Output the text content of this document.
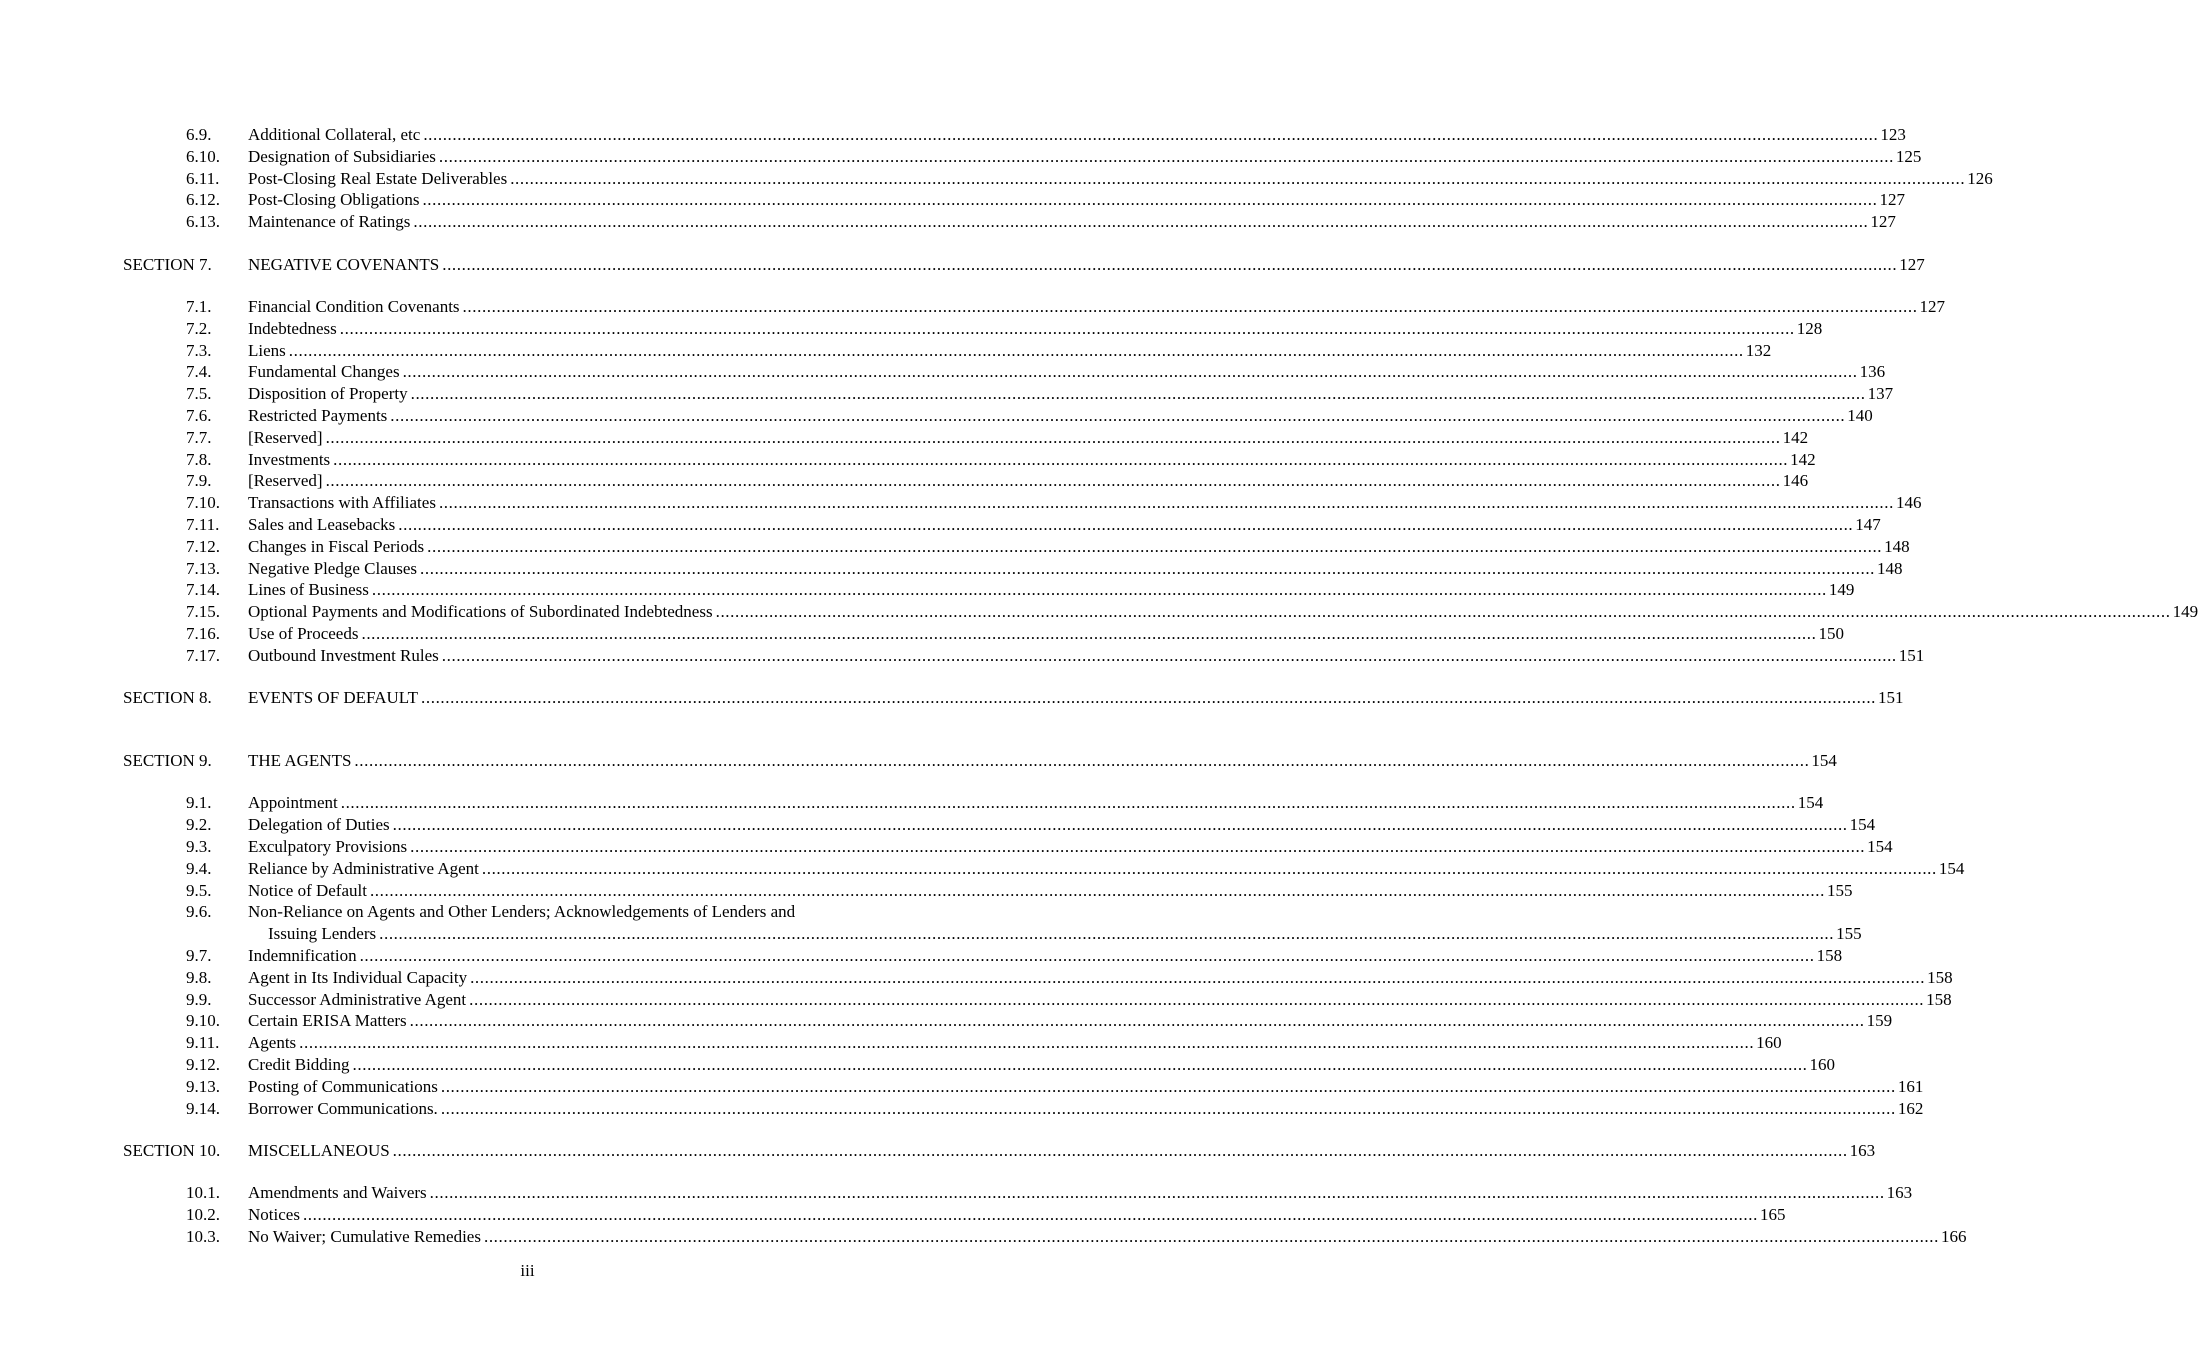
6.9. Additional Collateral, etc ............................................................................................................................................................................................................................................................................................................ 123
6.10. Designation of Subsidiaries ............................................................................................................................................................................................................................................................................................................ 125
6.11. Post-Closing Real Estate Deliverables ............................................................................................................................................................................................................................................................................................................ 126
6.12. Post-Closing Obligations ............................................................................................................................................................................................................................................................................................................ 127
6.13. Maintenance of Ratings ............................................................................................................................................................................................................................................................................................................ 127
SECTION 7. NEGATIVE COVENANTS ............................................................................................................................................................................................................................................................................................................ 127
7.1. Financial Condition Covenants ............................................................................................................................................................................................................................................................................................................ 127
7.2. Indebtedness ............................................................................................................................................................................................................................................................................................................ 128
7.3. Liens ............................................................................................................................................................................................................................................................................................................ 132
7.4. Fundamental Changes ............................................................................................................................................................................................................................................................................................................ 136
7.5. Disposition of Property ............................................................................................................................................................................................................................................................................................................ 137
7.6. Restricted Payments ............................................................................................................................................................................................................................................................................................................ 140
7.7. [Reserved] ............................................................................................................................................................................................................................................................................................................ 142
7.8. Investments ............................................................................................................................................................................................................................................................................................................ 142
7.9. [Reserved] ............................................................................................................................................................................................................................................................................................................ 146
7.10. Transactions with Affiliates ............................................................................................................................................................................................................................................................................................................ 146
7.11. Sales and Leasebacks ............................................................................................................................................................................................................................................................................................................ 147
7.12. Changes in Fiscal Periods ............................................................................................................................................................................................................................................................................................................ 148
7.13. Negative Pledge Clauses ............................................................................................................................................................................................................................................................................................................ 148
7.14. Lines of Business ............................................................................................................................................................................................................................................................................................................ 149
7.15. Optional Payments and Modifications of Subordinated Indebtedness ............................................................................................................................................................................................................................................................................................................ 149
7.16. Use of Proceeds ............................................................................................................................................................................................................................................................................................................ 150
7.17. Outbound Investment Rules ............................................................................................................................................................................................................................................................................................................ 151
SECTION 8. EVENTS OF DEFAULT ............................................................................................................................................................................................................................................................................................................ 151
SECTION 9. THE AGENTS ............................................................................................................................................................................................................................................................................................................ 154
9.1. Appointment ............................................................................................................................................................................................................................................................................................................ 154
9.2. Delegation of Duties ............................................................................................................................................................................................................................................................................................................ 154
9.3. Exculpatory Provisions ............................................................................................................................................................................................................................................................................................................ 154
9.4. Reliance by Administrative Agent ............................................................................................................................................................................................................................................................................................................ 154
9.5. Notice of Default ............................................................................................................................................................................................................................................................................................................ 155
9.6. Non-Reliance on Agents and Other Lenders; Acknowledgements of Lenders and
Issuing Lenders ............................................................................................................................................................................................................................................................................................................ 155
9.7. Indemnification ............................................................................................................................................................................................................................................................................................................ 158
9.8. Agent in Its Individual Capacity ............................................................................................................................................................................................................................................................................................................ 158
9.9. Successor Administrative Agent ............................................................................................................................................................................................................................................................................................................ 158
9.10. Certain ERISA Matters ............................................................................................................................................................................................................................................................................................................ 159
9.11. Agents ............................................................................................................................................................................................................................................................................................................ 160
9.12. Credit Bidding ............................................................................................................................................................................................................................................................................................................ 160
9.13. Posting of Communications ............................................................................................................................................................................................................................................................................................................ 161
9.14. Borrower Communications. ............................................................................................................................................................................................................................................................................................................ 162
SECTION 10. MISCELLANEOUS ............................................................................................................................................................................................................................................................................................................ 163
10.1. Amendments and Waivers ............................................................................................................................................................................................................................................................................................................ 163
10.2. Notices ............................................................................................................................................................................................................................................................................................................ 165
10.3. No Waiver; Cumulative Remedies ............................................................................................................................................................................................................................................................................................................ 166
iii
